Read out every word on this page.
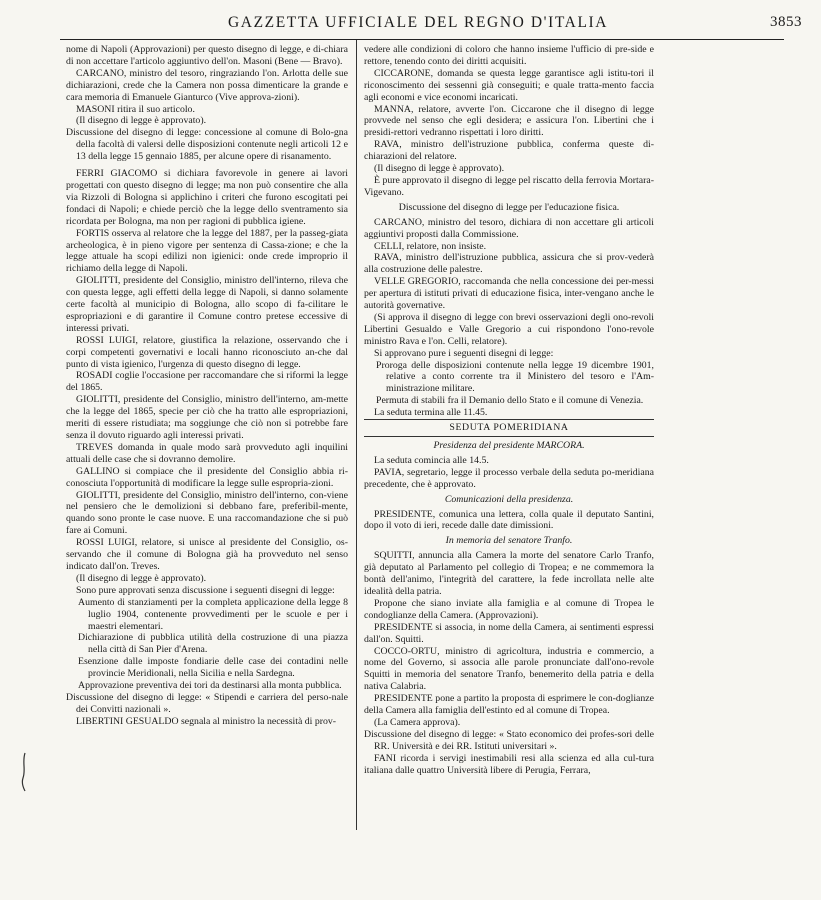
GAZZETTA UFFICIALE DEL REGNO D'ITALIA	3853

nome di Napoli (Approvazioni) per questo disegno di legge, e di-chiara di non accettare l'articolo aggiuntivo dell'on. Masoni (Bene — Bravo).

CARCANO, ministro del tesoro, ringraziando l'on. Arlotta delle sue dichiarazioni, crede che la Camera non possa dimenticare la grande e cara memoria di Emanuele Gianturco (Vive approva-zioni).

MASONI ritira il suo articolo.

(Il disegno di legge è approvato).

Discussione del disegno di legge: concessione al comune di Bolo-gna della facoltà di valersi delle disposizioni contenute negli articoli 12 e 13 della legge 15 gennaio 1885, per alcune opere di risanamento.

FERRI GIACOMO si dichiara favorevole in genere ai lavori progettati con questo disegno di legge; ma non può consentire che alla via Rizzoli di Bologna si applichino i criteri che furono escogitati pei fondaci di Napoli; e chiede perciò che la legge dello sventramento sia ricordata per Bologna, ma non per ragioni di pubblica igiene.

FORTIS osserva al relatore che la legge del 1887, per la passeg-giata archeologica, è in pieno vigore per sentenza di Cassa-zione; e che la legge attuale ha scopi edilizi non igienici: onde crede improprio il richiamo della legge di Napoli.

GIOLITTI, presidente del Consiglio, ministro dell'interno, rileva che con questa legge, agli effetti della legge di Napoli, si danno solamente certe facoltà al municipio di Bologna, allo scopo di fa-cilitare le espropriazioni e di garantire il Comune contro pretese eccessive di interessi privati.

ROSSI LUIGI, relatore, giustifica la relazione, osservando che i corpi competenti governativi e locali hanno riconosciuto an-che dal punto di vista igienico, l'urgenza di questo disegno di legge.

ROSADI coglie l'occasione per raccomandare che si riformi la legge del 1865.

GIOLITTI, presidente del Consiglio, ministro dell'interno, am-mette che la legge del 1865, specie per ciò che ha tratto alle espropriazioni, meriti di essere ristudiata; ma soggiunge che ciò non si potrebbe fare senza il dovuto riguardo agli interessi privati.

TREVES domanda in quale modo sarà provveduto agli inquilini attuali delle case che si dovranno demolire.

GALLINO si compiace che il presidente del Consiglio abbia ri-conosciuta l'opportunità di modificare la legge sulle espropria-zioni.

GIOLITTI, presidente del Consiglio, ministro dell'interno, con-viene nel pensiero che le demolizioni si debbano fare, preferibil-mente, quando sono pronte le case nuove. E una raccomandazione che si può fare ai Comuni.

ROSSI LUIGI, relatore, si unisce al presidente del Consiglio, os-servando che il comune di Bologna già ha provveduto nel senso indicato dall'on. Treves.

(Il disegno di legge è approvato).

Sono pure approvati senza discussione i seguenti disegni di legge:

Aumento di stanziamenti per la completa applicazione della legge 8 luglio 1904, contenente provvedimenti per le scuole e per i maestri elementari.

Dichiarazione di pubblica utilità della costruzione di una piazza nella città di San Pier d'Arena.

Esenzione dalle imposte fondiarie delle case dei contadini nelle provincie Meridionali, nella Sicilia e nella Sardegna.

Approvazione preventiva dei tori da destinarsi alla monta pubblica.

Discussione del disegno di legge: « Stipendi e carriera del perso-nale dei Convitti nazionali ».

LIBERTINI GESUALDO segnala al ministro la necessità di prov-

vedere alle condizioni di coloro che hanno insieme l'ufficio di pre-side e rettore, tenendo conto dei diritti acquisiti.

CICCARONE, domanda se questa legge garantisce agli istitu-tori il riconoscimento dei sessenni già conseguiti; e quale tratta-mento faccia agli economi e vice economi incaricati.

MANNA, relatore, avverte l'on. Ciccarone che il disegno di legge provvede nel senso che egli desidera; e assicura l'on. Libertini che i presidi-rettori vedranno rispettati i loro diritti.

RAVA, ministro dell'istruzione pubblica, conferma queste di-chiarazioni del relatore.

(Il disegno di legge è approvato).

È pure approvato il disegno di legge pel riscatto della ferrovia Mortara-Vigevano.

Discussione del disegno di legge per l'educazione fisica.

CARCANO, ministro del tesoro, dichiara di non accettare gli articoli aggiuntivi proposti dalla Commissione.

CELLI, relatore, non insiste.

RAVA, ministro dell'istruzione pubblica, assicura che si prov-vederà alla costruzione delle palestre.

VELLE GREGORIO, raccomanda che nella concessione dei per-messi per apertura di istituti privati di educazione fisica, inter-vengano anche le autorità governative.

(Si approva il disegno di legge con brevi osservazioni degli ono-revoli Libertini Gesualdo e Valle Gregorio a cui rispondono l'ono-revole ministro Rava e l'on. Celli, relatore).

Si approvano pure i seguenti disegni di legge:

Proroga delle disposizioni contenute nella legge 19 dicembre 1901, relative a conto corrente tra il Ministero del tesoro e l'Am-ministrazione militare.

Permuta di stabili fra il Demanio dello Stato e il comune di Venezia.

La seduta termina alle 11.45.

SEDUTA POMERIDIANA

Presidenza del presidente MARCORA.

La seduta comincia alle 14.5.

PAVIA, segretario, legge il processo verbale della seduta po-meridiana precedente, che è approvato.

Comunicazioni della presidenza.

PRESIDENTE, comunica una lettera, colla quale il deputato Santini, dopo il voto di ieri, recede dalle date dimissioni.

In memoria del senatore Tranfo.

SQUITTI, annuncia alla Camera la morte del senatore Carlo Tranfo, già deputato al Parlamento pel collegio di Tropea; e ne commemora la bontà dell'animo, l'integrità del carattere, la fede incrollata nelle alte idealità della patria.

Propone che siano inviate alla famiglia e al comune di Tropea le condoglianze della Camera. (Approvazioni).

PRESIDENTE si associa, in nome della Camera, ai sentimenti espressi dall'on. Squitti.

COCCO-ORTU, ministro di agricoltura, industria e commercio, a nome del Governo, si associa alle parole pronunciate dall'ono-revole Squitti in memoria del senatore Tranfo, benemerito della patria e della nativa Calabria.

PRESIDENTE pone a partito la proposta di esprimere le con-doglianze della Camera alla famiglia dell'estinto ed al comune di Tropea.

(La Camera approva).

Discussione del disegno di legge: « Stato economico dei profes-sori delle RR. Università e dei RR. Istituti universitari ».

FANI ricorda i servigi inestimabili resi alla scienza ed alla cul-tura italiana dalle quattro Università libere di Perugia, Ferrara,
